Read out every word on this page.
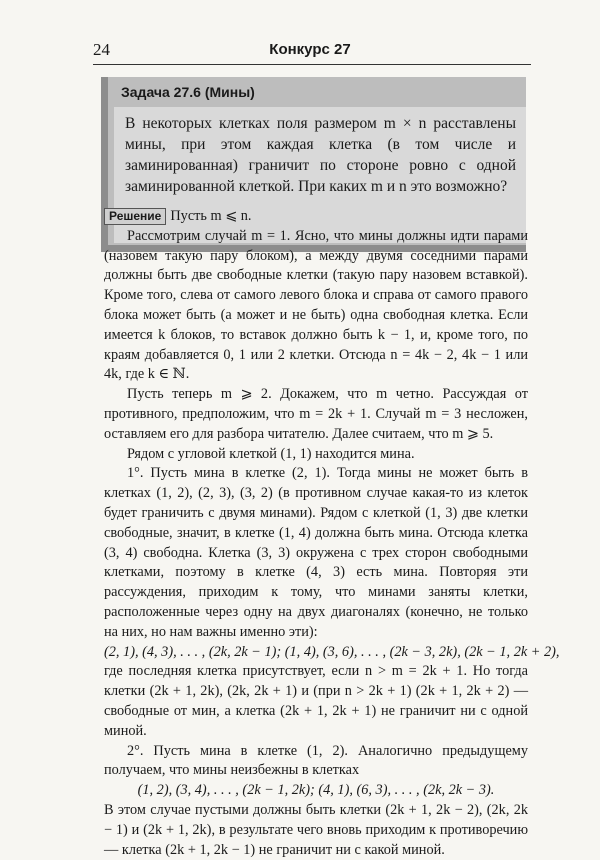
24	Конкурс 27
Задача 27.6 (Мины)
В некоторых клетках поля размером m × n расставлены мины, при этом каждая клетка (в том числе и заминированная) граничит по стороне ровно с одной заминированной клеткой. При каких m и n это возможно?

Решение Пусть m ⩽ n.

Рассмотрим случай m = 1. Ясно, что мины должны идти парами (назовем такую пару блоком), а между двумя соседними парами должны быть две свободные клетки (такую пару назовем вставкой). Кроме того, слева от самого левого блока и справа от самого правого блока может быть (а может и не быть) одна свободная клетка. Если имеется k блоков, то вставок должно быть k − 1, и, кроме того, по краям добавляется 0, 1 или 2 клетки. Отсюда n = 4k − 2, 4k − 1 или 4k, где k ∈ ℕ.

Пусть теперь m ⩾ 2. Докажем, что m четно. Рассуждая от противного, предположим, что m = 2k + 1. Случай m = 3 несложен, оставляем его для разбора читателю. Далее считаем, что m ⩾ 5.

Рядом с угловой клеткой (1, 1) находится мина.

1°. Пусть мина в клетке (2, 1). Тогда мины не может быть в клетках (1, 2), (2, 3), (3, 2) (в противном случае какая-то из клеток будет граничить с двумя минами). Рядом с клеткой (1, 3) две клетки свободные, значит, в клетке (1, 4) должна быть мина. Отсюда клетка (3, 4) свободна. Клетка (3, 3) окружена с трех сторон свободными клетками, поэтому в клетке (4, 3) есть мина. Повторяя эти рассуждения, приходим к тому, что минами заняты клетки, расположенные через одну на двух диагоналях (конечно, не только на них, но нам важны именно эти):

(2, 1), (4, 3), . . . , (2k, 2k − 1); (1, 4), (3, 6), . . . , (2k − 3, 2k), (2k − 1, 2k + 2),

где последняя клетка присутствует, если n > m = 2k + 1. Но тогда клетки (2k + 1, 2k), (2k, 2k + 1) и (при n > 2k + 1) (2k + 1, 2k + 2) — свободные от мин, а клетка (2k + 1, 2k + 1) не граничит ни с одной миной.

2°. Пусть мина в клетке (1, 2). Аналогично предыдущему получаем, что мины неизбежны в клетках

(1, 2), (3, 4), . . . , (2k − 1, 2k); (4, 1), (6, 3), . . . , (2k, 2k − 3).

В этом случае пустыми должны быть клетки (2k + 1, 2k − 2), (2k, 2k − 1) и (2k + 1, 2k), в результате чего вновь приходим к противоречию — клетка (2k + 1, 2k − 1) не граничит ни с какой миной.
